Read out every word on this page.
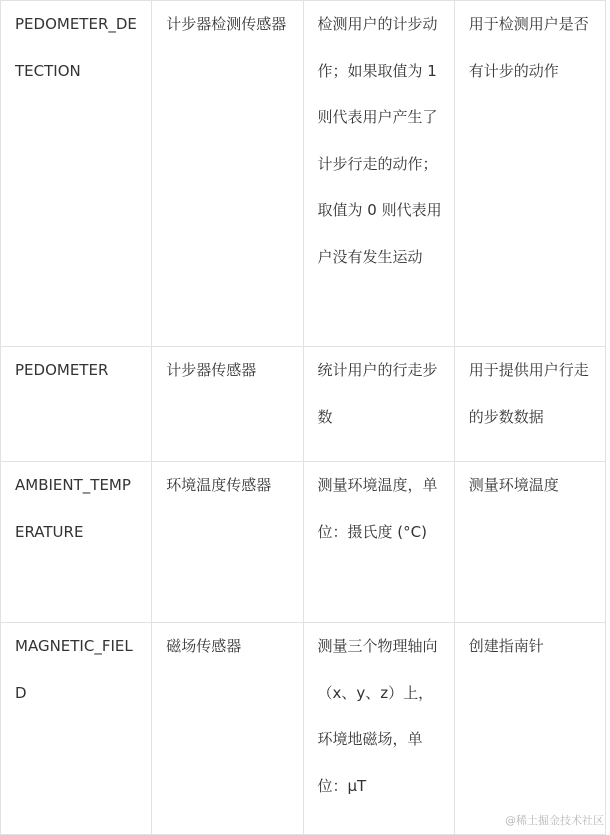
PEDOMETER_DETECTION	计步器检测传感器	检测用户的计步动作；如果取值为 1 则代表用户产生了计步行走的动作；取值为 0 则代表用户没有发生运动	用于检测用户是否有计步的动作
PEDOMETER	计步器传感器	统计用户的行走步数	用于提供用户行走的步数数据
AMBIENT_TEMPERATURE	环境温度传感器	测量环境温度，单位：摄氏度 (°C)	测量环境温度
MAGNETIC_FIELD	磁场传感器	测量三个物理轴向（x、y、z）上，环境地磁场，单位：μT	创建指南针
@稀土掘金技术社区
